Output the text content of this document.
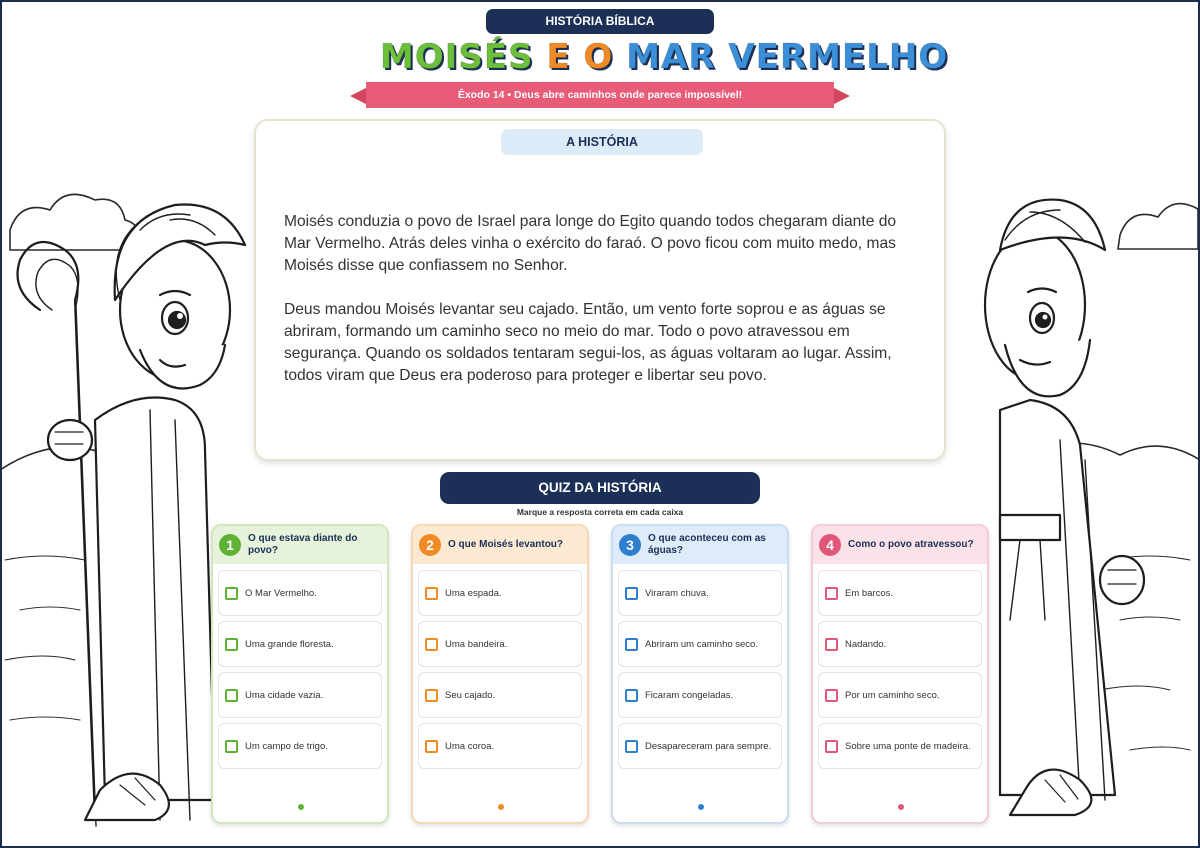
HISTÓRIA BÍBLICA
MOISÉS E O MAR VERMELHO
Êxodo 14 • Deus abre caminhos onde parece impossível!
A HISTÓRIA

Moisés conduzia o povo de Israel para longe do Egito quando todos chegaram diante do Mar Vermelho. Atrás deles vinha o exército do faraó. O povo ficou com muito medo, mas Moisés disse que confiassem no Senhor.

Deus mandou Moisés levantar seu cajado. Então, um vento forte soprou e as águas se abriram, formando um caminho seco no meio do mar. Todo o povo atravessou em segurança. Quando os soldados tentaram segui-los, as águas voltaram ao lugar. Assim, todos viram que Deus era poderoso para proteger e libertar seu povo.

QUIZ DA HISTÓRIA
Marque a resposta correta em cada caixa
1	O que estava diante do povo?
O Mar Vermelho.
Uma grande floresta.
Uma cidade vazia.
Um campo de trigo.
2	O que Moisés levantou?
Uma espada.
Uma bandeira.
Seu cajado.
Uma coroa.
3	O que aconteceu com as águas?
Viraram chuva.
Abriram um caminho seco.
Ficaram congeladas.
Desapareceram para sempre.
4	Como o povo atravessou?
Em barcos.
Nadando.
Por um caminho seco.
Sobre uma ponte de madeira.
